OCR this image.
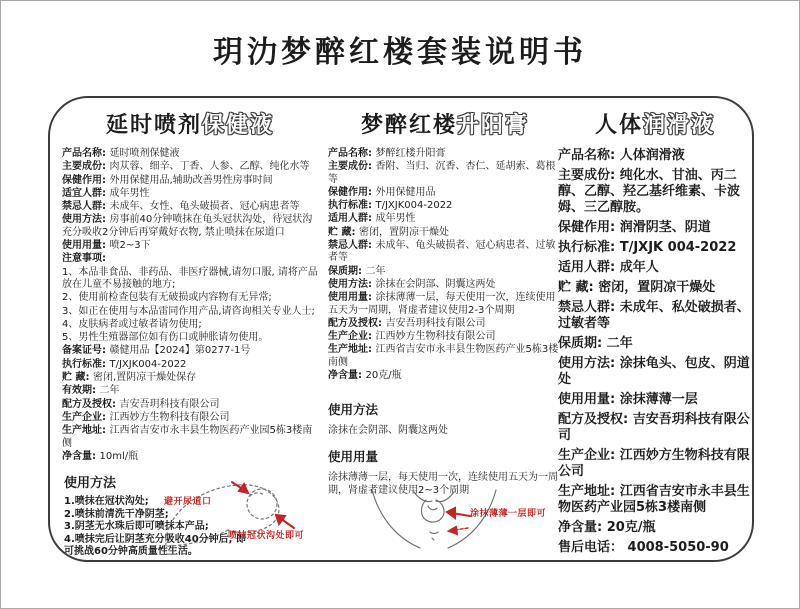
玥氻梦醉红楼套装说明书
延时喷剂保健液
产品名称: 延时喷剂保健液
主要成份: 肉苁蓉、细辛、丁香、人参、乙醇、纯化水等
保健作用: 外用保健用品,辅助改善男性房事时间
适宜人群: 成年男性
禁忌人群: 未成年、女性、龟头破损者、冠心病患者等
使用方法: 房事前40分钟喷抹在龟头冠状沟处，待冠状沟充分吸收2分钟后再穿戴好衣物, 禁止喷抹在尿道口
使用用量: 喷2~3下
注意事项:
1、本品非食品、非药品、非医疗器械,请勿口服, 请将产品放在儿童不易接触的地方;
2、使用前检查包装有无破损或内容物有无异常;
3、如正在使用与本品雷同作用产品,请咨询相关专业人士;
4、皮肤病者或过敏者请勿使用;
5、男性生殖器部位如有伤口或肿胀请勿使用。
备案证号: 赣健用品【2024】第0277-1号
执行标准: T/JXJK004-2022
贮 藏: 密闭,置阴凉干燥处保存
有效期: 二年
配方及授权: 吉安吾玥科技有限公司
生产企业: 江西妙方生物科技有限公司
生产地址: 江西省吉安市永丰县生物医药产业园5栋3楼南侧
净含量: 10ml/瓶
使用方法
1.喷抹在冠状沟处;
2.喷抹前清洗干净阴茎;
3.阴茎无水珠后即可喷抹本产品;
4.喷抹完后让阴茎充分吸收40分钟后, 即可挑战60分钟高质量性生活。
避开尿道口
喷抹冠状沟处即可
梦醉红楼升阳膏
产品名称: 梦醉红楼升阳膏
主要成份: 香附、当归、沉香、杏仁、延胡索、葛根等
保健作用: 外用保健用品
执行标准: T/JXJK004-2022
适用人群: 成年男性
贮 藏: 密闭，置阴凉干燥处
禁忌人群: 未成年、龟头破损者、冠心病患者、过敏者等
保质期: 二年
使用方法: 涂抹在会阴部、阴囊这两处
使用用量: 涂抹薄薄一层，每天使用一次，连续使用五天为一周期，肾虚者建议使用2-3个周期
配方及授权: 吉安吾玥科技有限公司
生产企业: 江西妙方生物科技有限公司
生产地址: 江西省吉安市永丰县生物医药产业5栋3楼南侧
净含量: 20克/瓶
使用方法

涂抹在会阴部、阴囊这两处

使用用量

涂抹薄薄一层，每天使用一次，连续使用五天为一周期，肾虚者建议使用2~3个周期

涂抹薄薄一层即可
人体润滑液
产品名称: 人体润滑液
主要成份: 纯化水、甘油、丙二醇、乙醇、羟乙基纤维素、卡波姆、三乙醇胺。
保健作用: 润滑阴茎、阴道
执行标准: T/JXJK 004-2022
适用人群: 成年人
贮 藏: 密闭，置阴凉干燥处
禁忌人群: 未成年、私处破损者、过敏者等
保质期: 二年
使用方法: 涂抹龟头、包皮、阴道处
使用用量: 涂抹薄薄一层
配方及授权: 吉安吾玥科技有限公司
生产企业: 江西妙方生物科技有限公司
生产地址: 江西省吉安市永丰县生物医药产业园5栋3楼南侧
净含量: 20克/瓶
售后电话： 4008-5050-90
